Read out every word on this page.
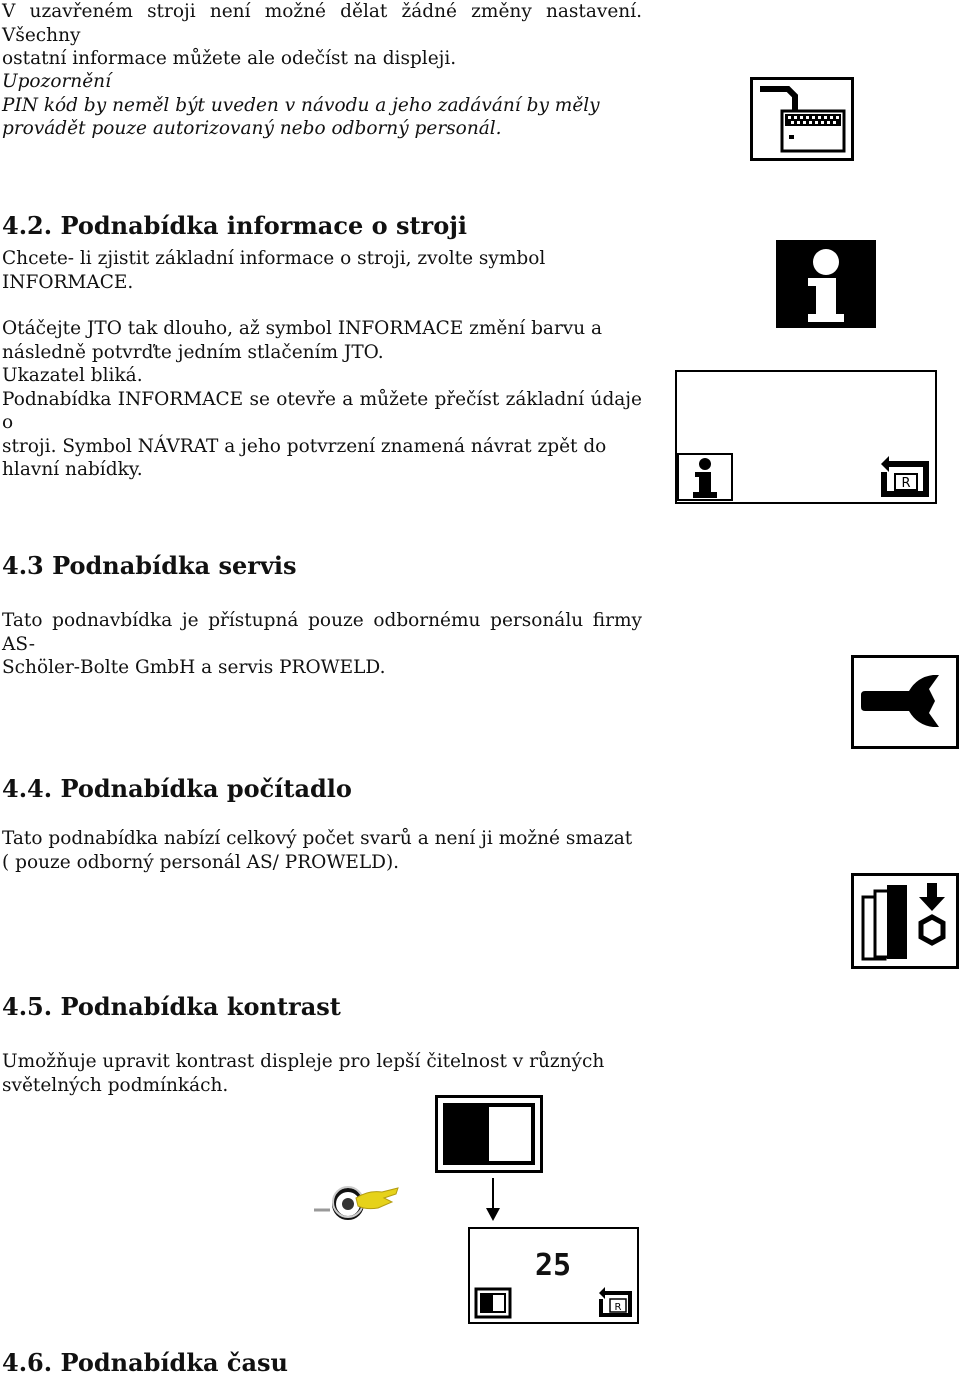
V uzavřeném stroji není možné dělat žádné změny nastavení. Všechny
ostatní informace můžete ale odečíst na displeji.

Upozornění
PIN kód by neměl být uveden v návodu a jeho zadávání by měly
provádět pouze autorizovaný nebo odborný personál.

4.2. Podnabídka informace o stroji

Chcete- li zjistit základní informace o stroji, zvolte symbol
INFORMACE.

Otáčejte JTO tak dlouho, až symbol INFORMACE změní barvu a
následně potvrďte jedním stlačením JTO.
Ukazatel bliká.
Podnabídka INFORMACE se otevře a můžete přečíst základní údaje o
stroji. Symbol NÁVRAT a jeho potvrzení znamená návrat zpět do
hlavní nabídky.

R
4.3 Podnabídka servis

Tato podnavbídka je přístupná pouze odbornému personálu firmy AS-
Schöler-Bolte GmbH a servis PROWELD.

4.4. Podnabídka počítadlo

Tato podnabídka nabízí celkový počet svarů a není ji možné smazat
( pouze odborný personál AS/ PROWELD).

4.5. Podnabídka kontrast

Umožňuje upravit kontrast displeje pro lepší čitelnost v různých
světelných podmínkách.

25
R
4.6. Podnabídka času
